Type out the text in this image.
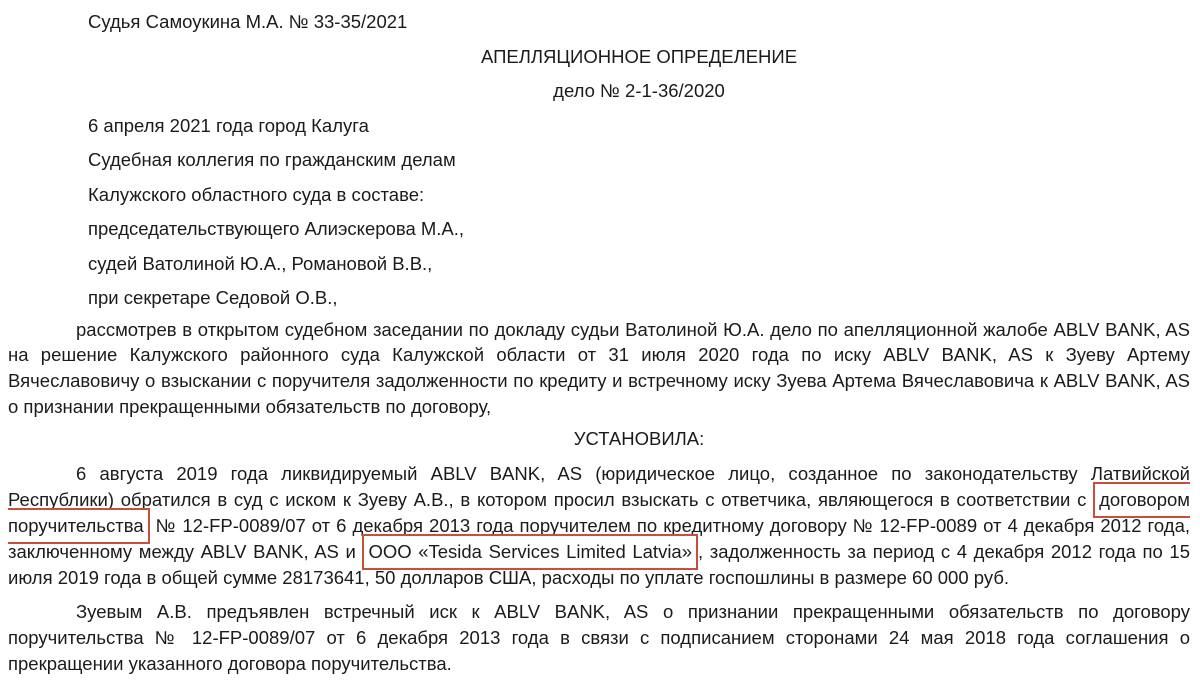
Судья Самоукина М.А. № 33-35/2021

АПЕЛЛЯЦИОННОЕ ОПРЕДЕЛЕНИЕ

дело № 2-1-36/2020

6 апреля 2021 года город Калуга

Судебная коллегия по гражданским делам

Калужского областного суда в составе:

председательствующего Алиэскерова М.А.,

судей Ватолиной Ю.А., Романовой В.В.,

при секретаре Седовой О.В.,

рассмотрев в открытом судебном заседании по докладу судьи Ватолиной Ю.А. дело по апелляционной жалобе ABLV BANK, AS на решение Калужского районного суда Калужской области от 31 июля 2020 года по иску ABLV BANK, AS к Зуеву Артему Вячеславовичу о взыскании с поручителя задолженности по кредиту и встречному иску Зуева Артема Вячеславовича к ABLV BANK, AS о признании прекращенными обязательств по договору,

УСТАНОВИЛА:

6 августа 2019 года ликвидируемый ABLV BANK, AS (юридическое лицо, созданное по законодательству Латвийской Республики) обратился в суд с иском к Зуеву А.В., в котором просил взыскать с ответчика, являющегося в соответствии с договором поручительства № 12-FP-0089/07 от 6 декабря 2013 года поручителем по кредитному договору № 12-FP-0089 от 4 декабря 2012 года, заключенному между ABLV BANK, AS и ООО «Tesida Services Limited Latvia» , задолженность за период с 4 декабря 2012 года по 15 июля 2019 года в общей сумме 28173641, 50 долларов США, расходы по уплате госпошлины в размере 60 000 руб.

Зуевым А.В. предъявлен встречный иск к ABLV BANK, AS о признании прекращенными обязательств по договору поручительства № 12-FP-0089/07 от 6 декабря 2013 года в связи с подписанием сторонами 24 мая 2018 года соглашения о прекращении указанного договора поручительства.
